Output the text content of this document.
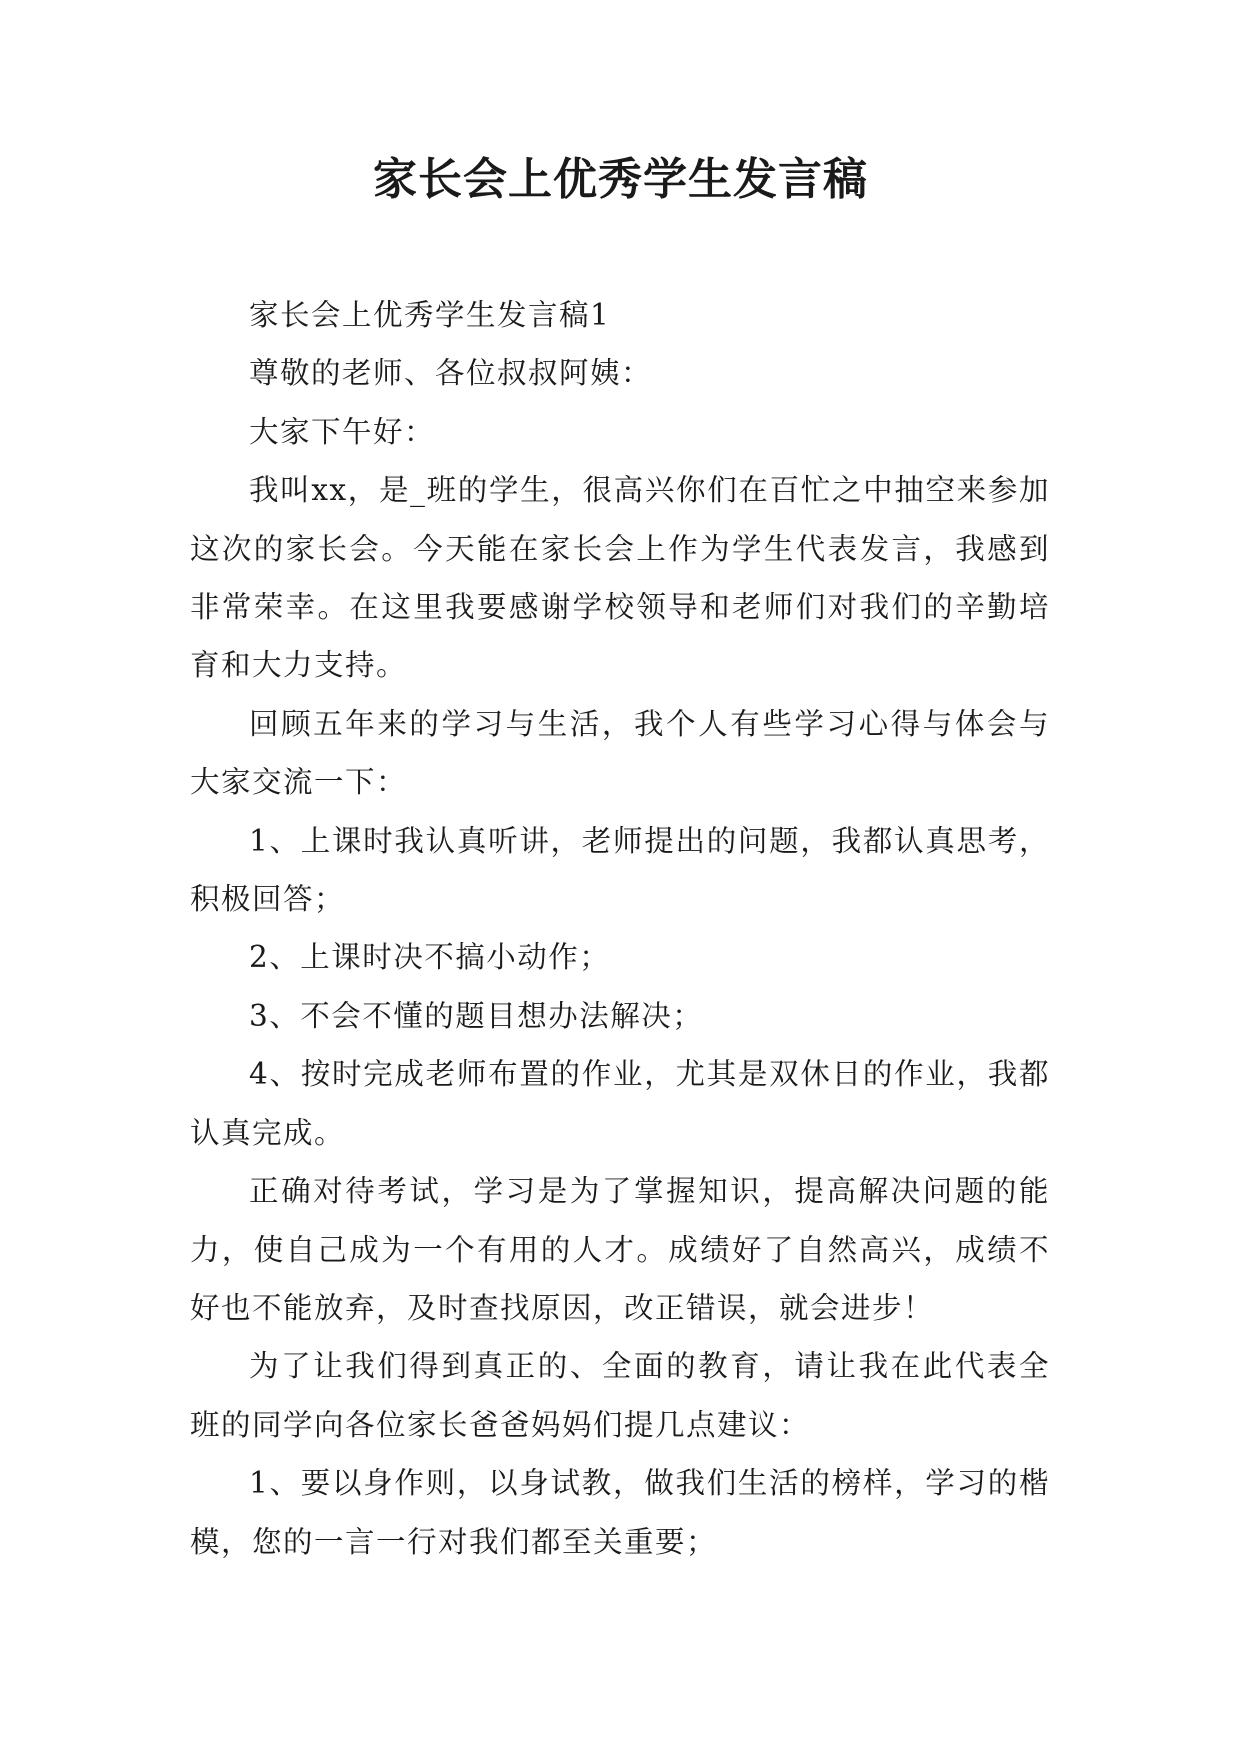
家长会上优秀学生发言稿

家长会上优秀学生发言稿1

尊敬的老师、各位叔叔阿姨：

大家下午好：

我叫xx，是_班的学生，很高兴你们在百忙之中抽空来参加这次的家长会。今天能在家长会上作为学生代表发言，我感到非常荣幸。在这里我要感谢学校领导和老师们对我们的辛勤培育和大力支持。

回顾五年来的学习与生活，我个人有些学习心得与体会与大家交流一下：

1、上课时我认真听讲，老师提出的问题，我都认真思考，积极回答；

2、上课时决不搞小动作；

3、不会不懂的题目想办法解决；

4、按时完成老师布置的作业，尤其是双休日的作业，我都认真完成。

正确对待考试，学习是为了掌握知识，提高解决问题的能力，使自己成为一个有用的人才。成绩好了自然高兴，成绩不好也不能放弃，及时查找原因，改正错误，就会进步！

为了让我们得到真正的、全面的教育，请让我在此代表全班的同学向各位家长爸爸妈妈们提几点建议：

1、要以身作则，以身试教，做我们生活的榜样，学习的楷模，您的一言一行对我们都至关重要；
